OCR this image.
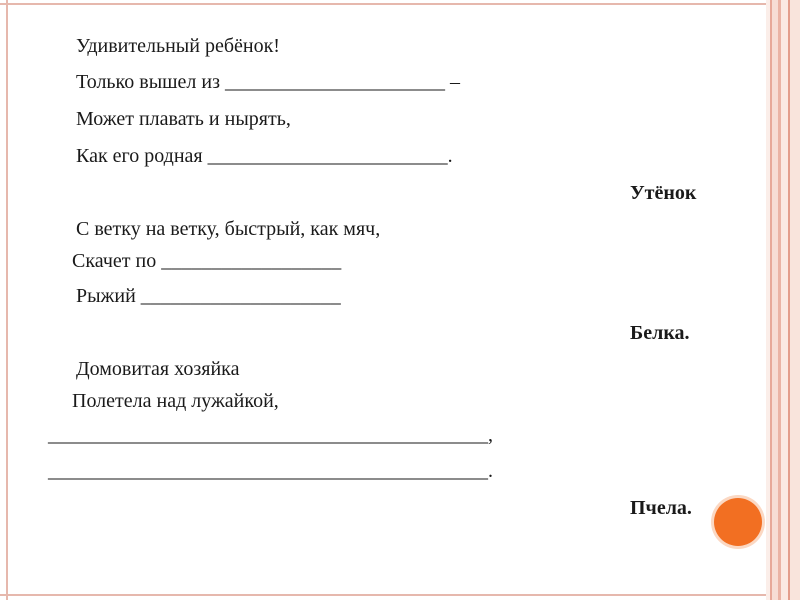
Удивительный ребёнок!
Только вышел из ______________________ –
Может плавать и нырять,
Как его родная ________________________.
Утёнок
С ветку на ветку, быстрый, как мяч,
Скачет по __________________
Рыжий ____________________
Белка.
Домовитая хозяйка
Полетела над лужайкой,
____________________________________________,
____________________________________________.
Пчела.
